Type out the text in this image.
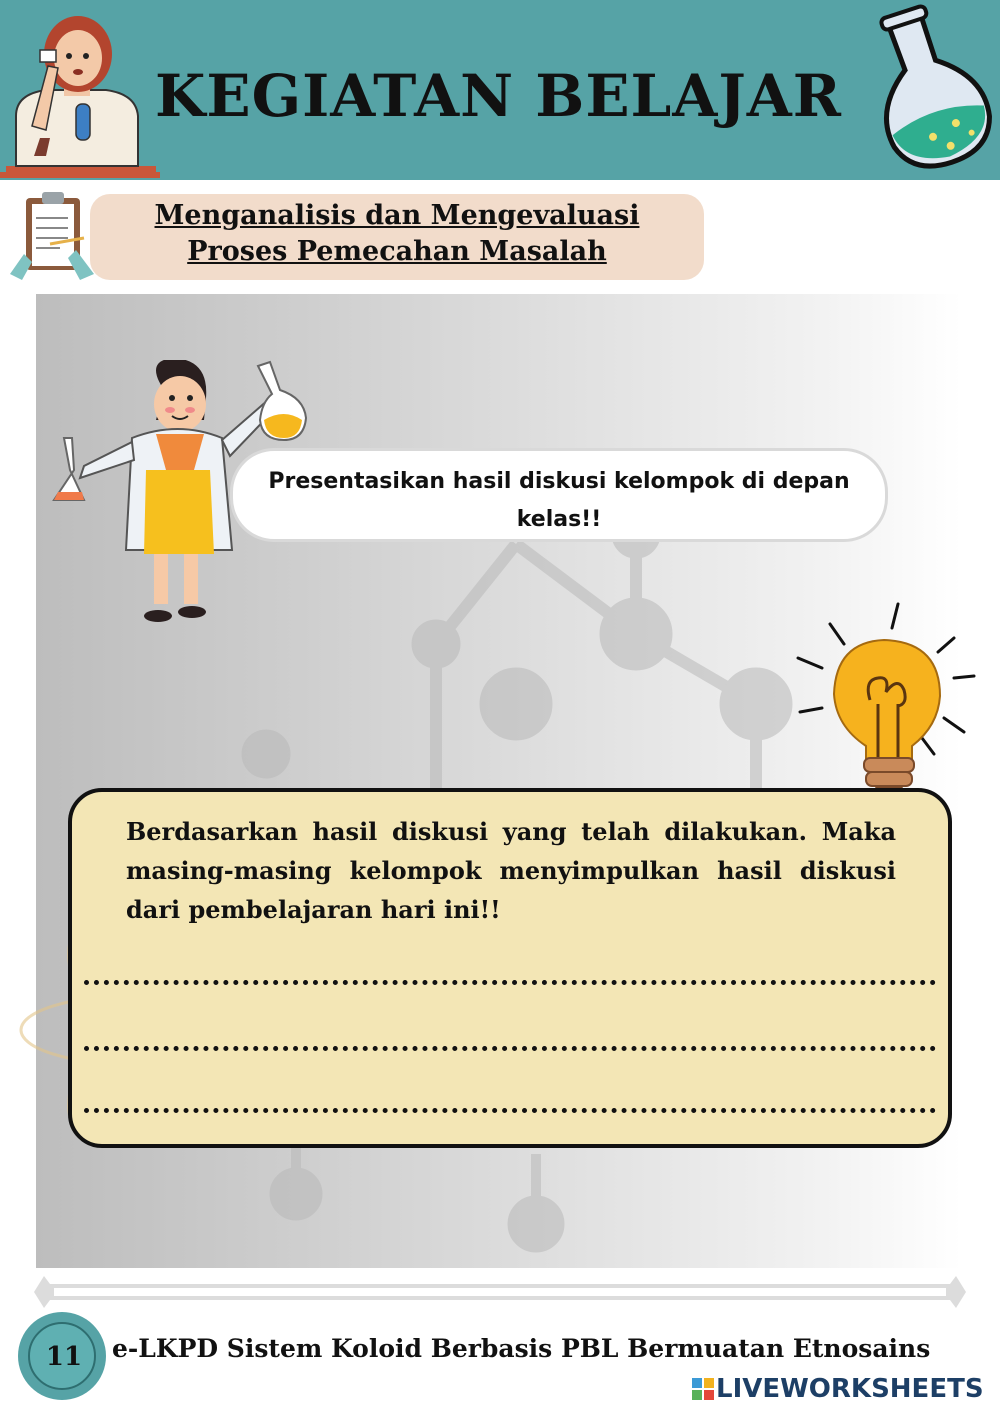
KEGIATAN BELAJAR
Menganalisis dan Mengevaluasi
Proses Pemecahan Masalah
Presentasikan hasil diskusi kelompok di depan kelas!!
Berdasarkan hasil diskusi yang telah dilakukan. Maka masing-masing kelompok menyimpulkan hasil diskusi dari pembelajaran hari ini!!
11	e-LKPD Sistem Koloid Berbasis PBL Bermuatan Etnosains
LIVEWORKSHEETS
